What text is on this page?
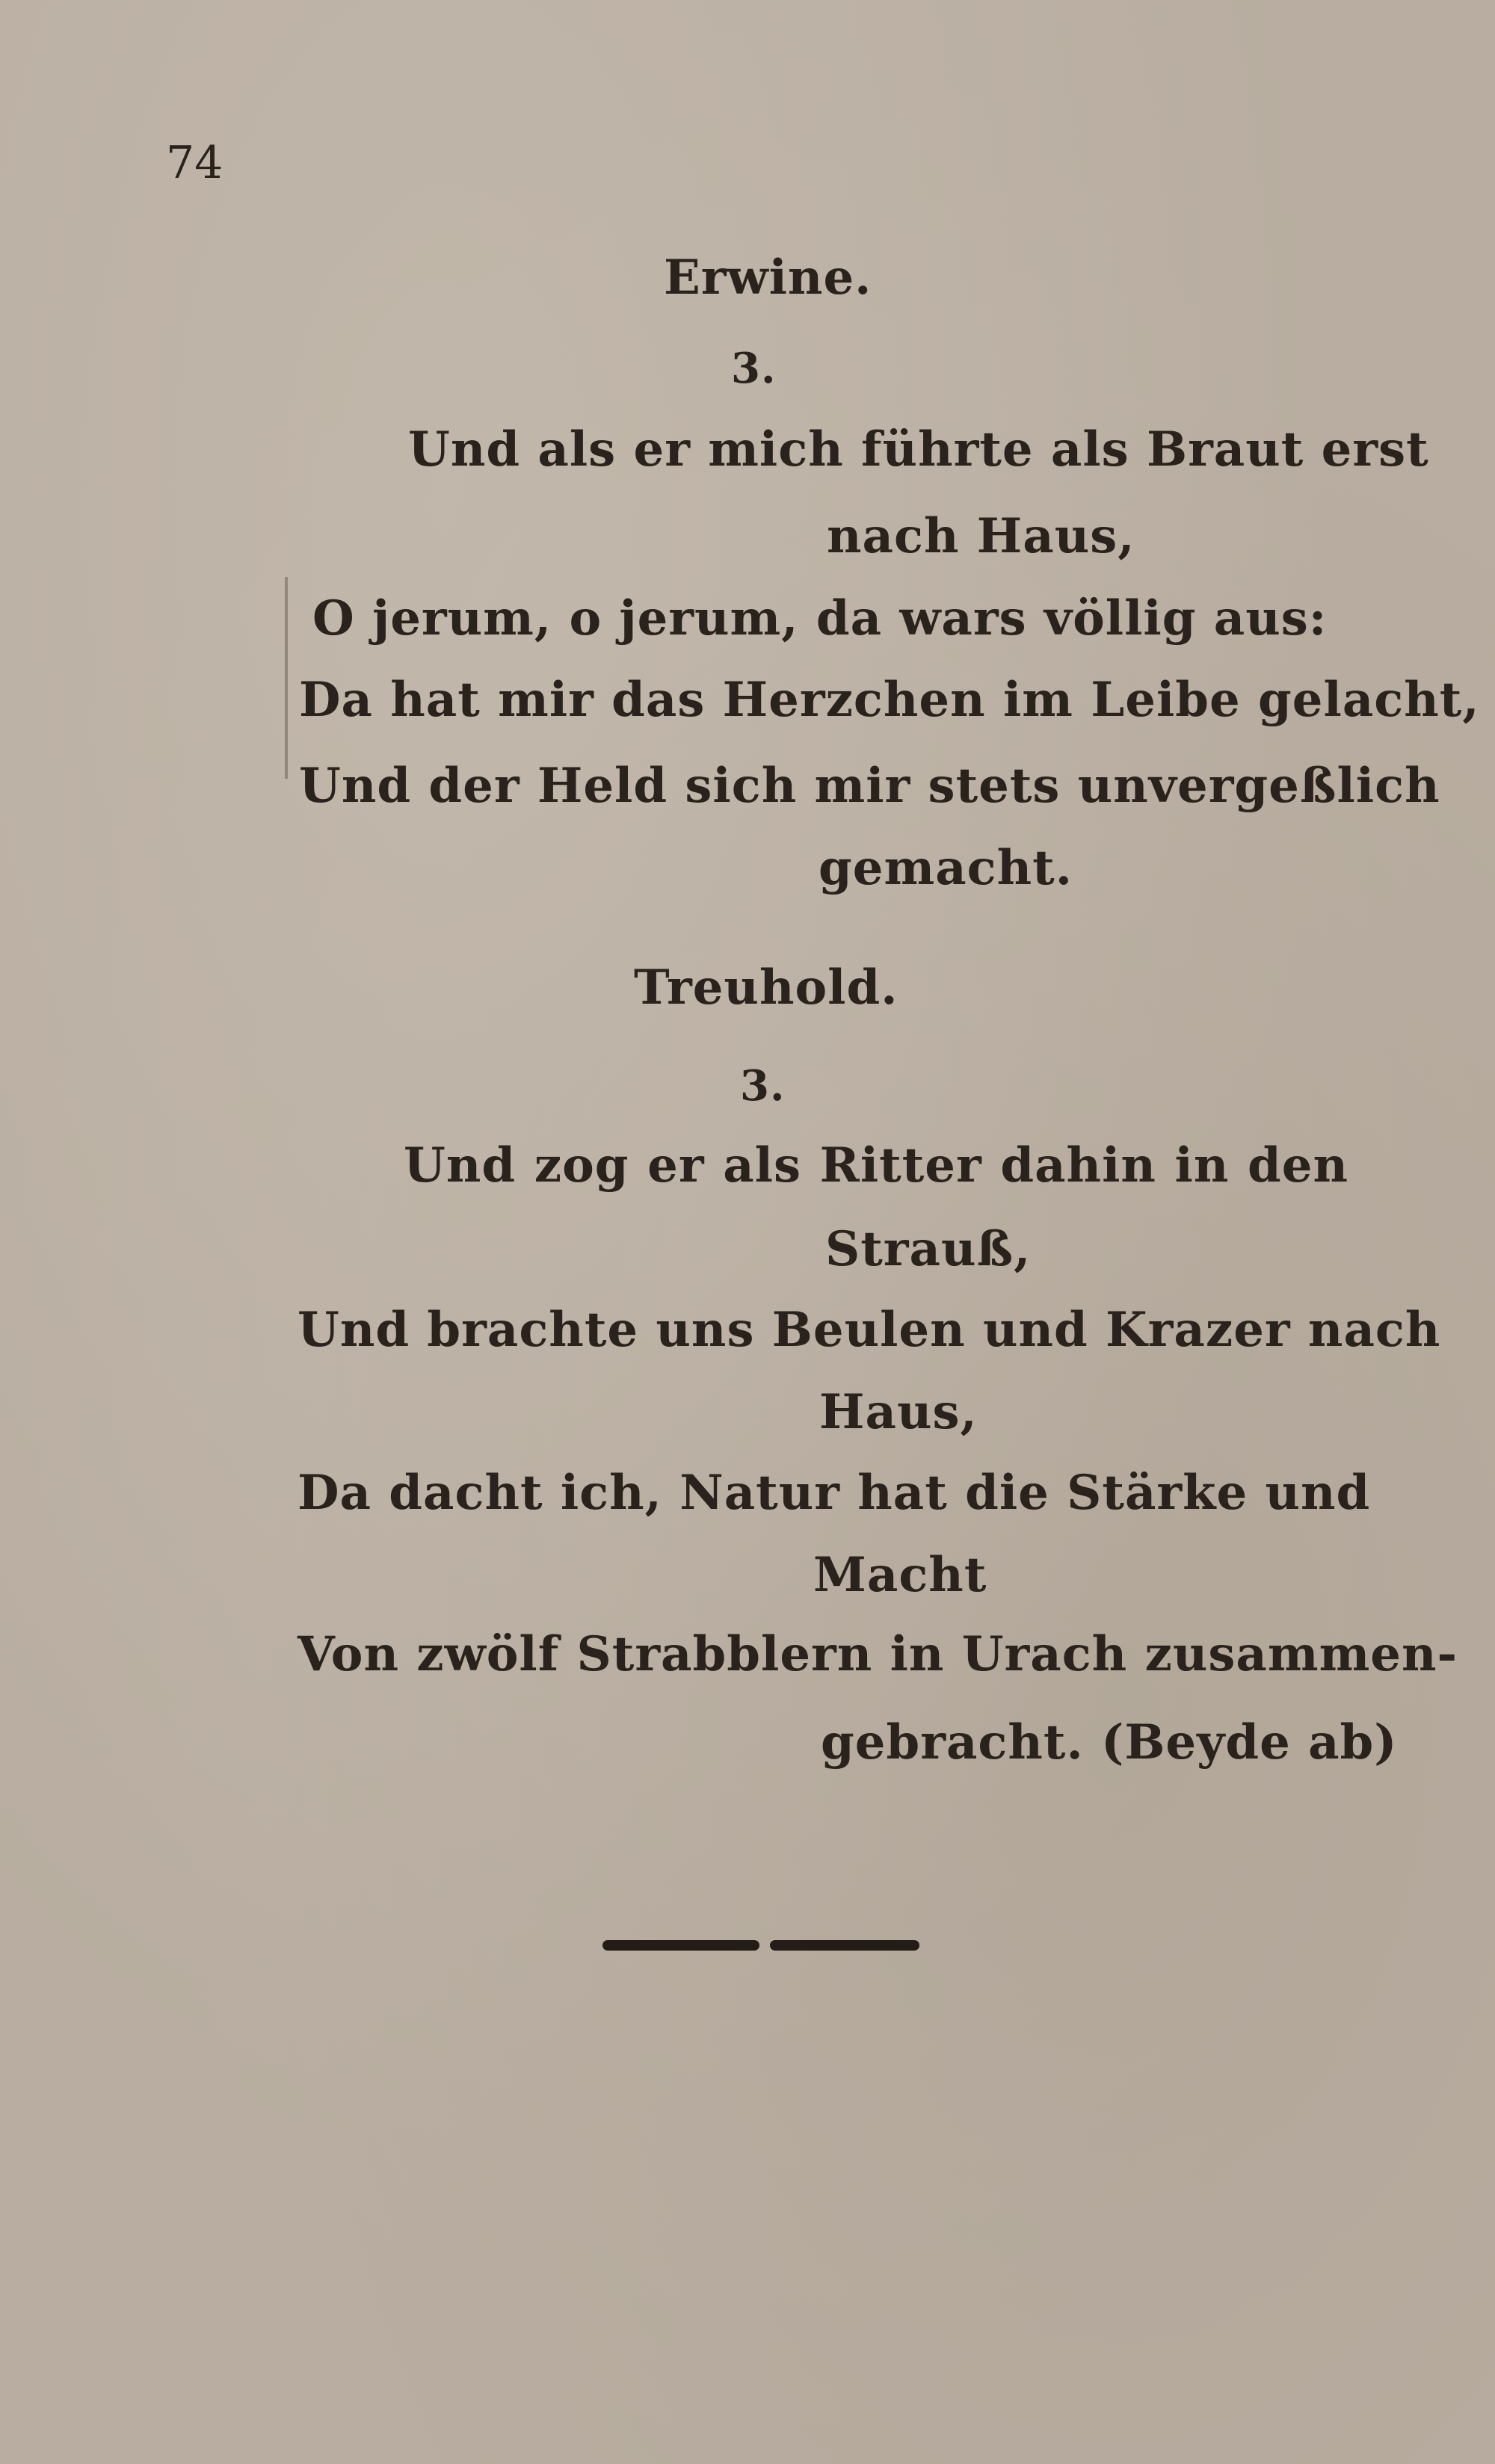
74
Erwine.
3.
Und als er mich führte als Braut erst
nach Haus,
O jerum, o jerum, da wars völlig aus:
Da hat mir das Herzchen im Leibe gelacht,
Und der Held sich mir stets unvergeßlich
gemacht.
Treuhold.
3.
Und zog er als Ritter dahin in den
Strauß,
Und brachte uns Beulen und Krazer nach
Haus,
Da dacht ich, Natur hat die Stärke und
Macht
Von zwölf Strabblern in Urach zusammen-
gebracht. (Beyde ab)
